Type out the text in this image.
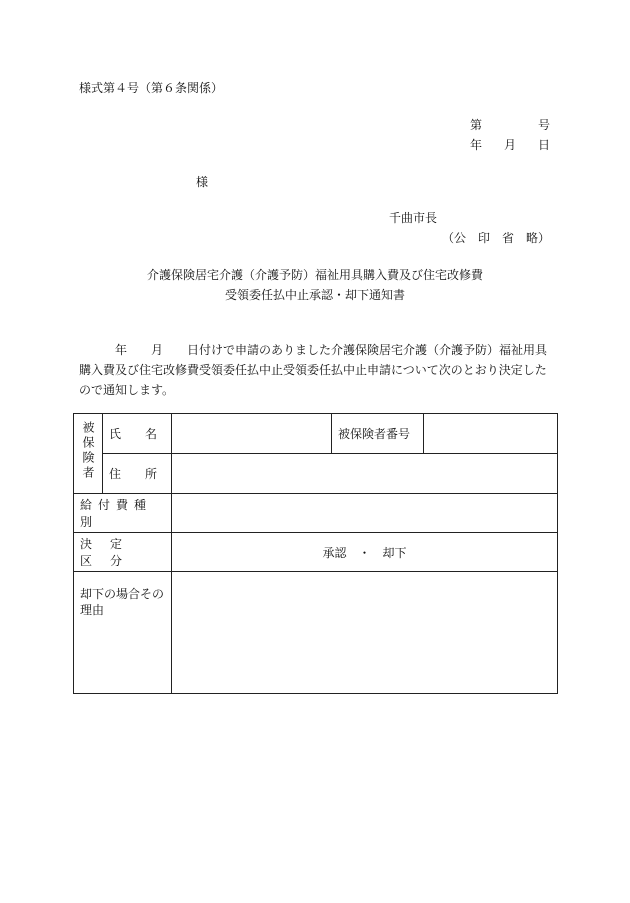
様式第４号（第６条関係）
第	号
年 月 日
様
千曲市長
（公　印　省　略）
介護保険居宅介護（介護予防）福祉用具購入費及び住宅改修費
受領委任払中止承認・却下通知書
年　　月　　日付けで申請のありました介護保険居宅介護（介護予防）福祉用具購入費及び住宅改修費受領委任払中止受領委任払中止申請について次のとおり決定したので通知します。
被保険者	氏　　名		被保険者番号	
	住　　所			
給付費種別				
決定区分		承認　・　却下		
却下の場合その理由				
